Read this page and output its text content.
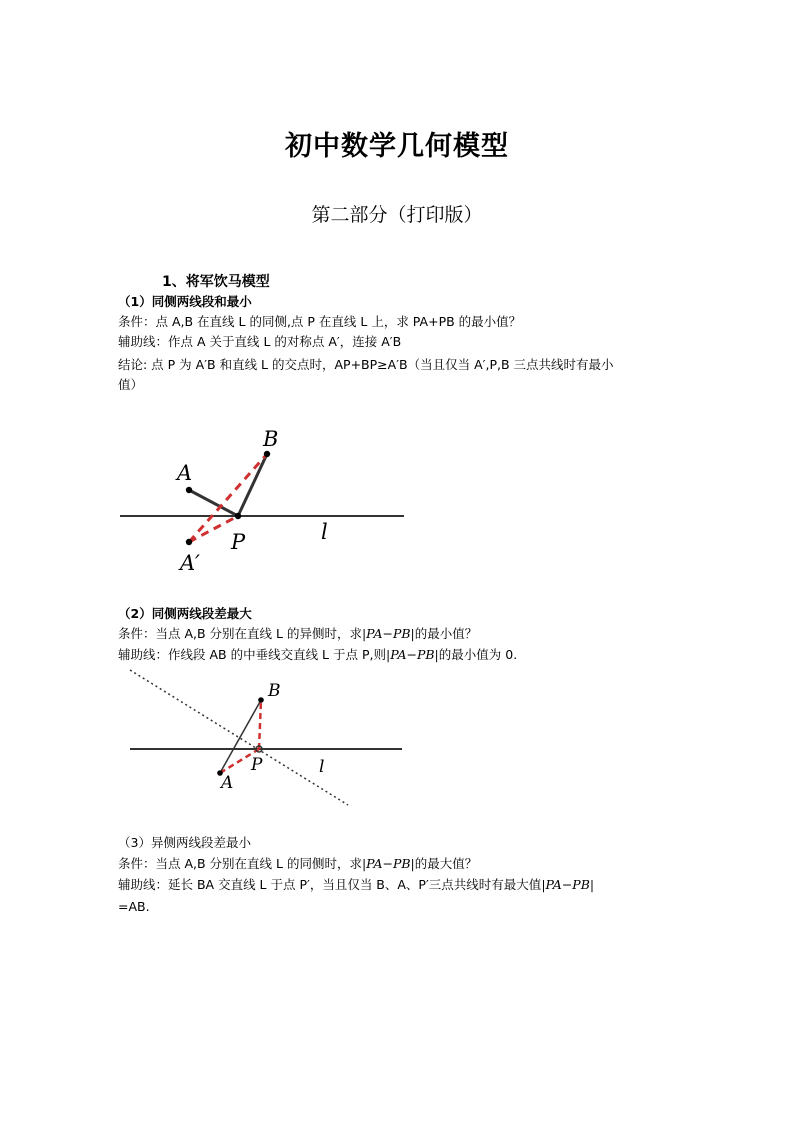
初中数学几何模型
第二部分（打印版）
1、将军饮马模型
（1）同侧两线段和最小
条件：点 A,B 在直线 L 的同侧,点 P 在直线 L 上，求 PA+PB 的最小值？
辅助线：作点 A 关于直线 L 的对称点 A′，连接 A′B
结论: 点 P 为 A′B 和直线 L 的交点时，AP+BP≥A′B（当且仅当 A′,P,B 三点共线时有最小
值）
A
B
P
A′
l
（2）同侧两线段差最大
条件：当点 A,B 分别在直线 L 的异侧时，求|PA−PB|的最小值？
辅助线：作线段 AB 的中垂线交直线 L 于点 P,则|PA−PB|的最小值为 0.
A
B
P	l
（3）异侧两线段差最小
条件：当点 A,B 分别在直线 L 的同侧时，求|PA−PB|的最大值？
辅助线：延长 BA 交直线 L 于点 P′，当且仅当 B、A、P′三点共线时有最大值|PA−PB|
=AB.
